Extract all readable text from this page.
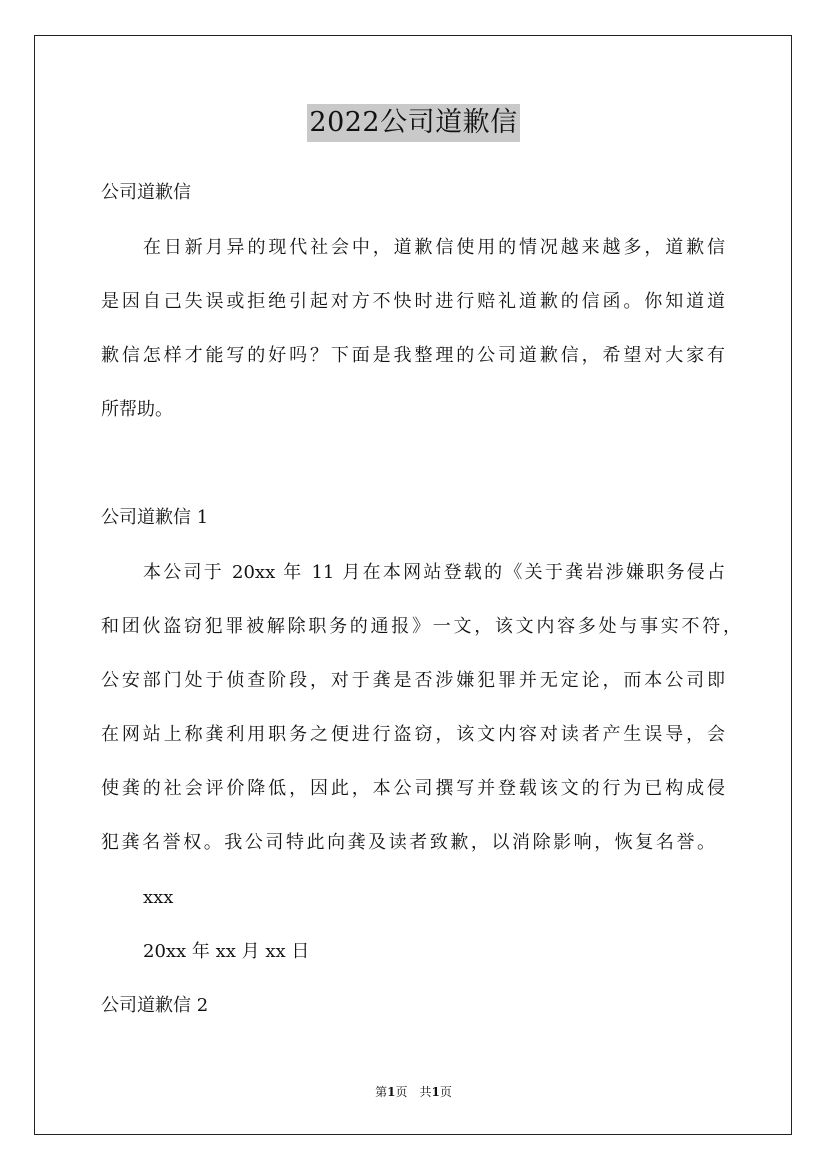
2022公司道歉信
公司道歉信
在日新月异的现代社会中，道歉信使用的情况越来越多，道歉信
是因自己失误或拒绝引起对方不快时进行赔礼道歉的信函。你知道道
歉信怎样才能写的好吗？下面是我整理的公司道歉信，希望对大家有
所帮助。
公司道歉信 1
本公司于 20xx 年 11 月在本网站登载的《关于龚岩涉嫌职务侵占
和团伙盗窃犯罪被解除职务的通报》一文，该文内容多处与事实不符，
公安部门处于侦查阶段，对于龚是否涉嫌犯罪并无定论，而本公司即
在网站上称龚利用职务之便进行盗窃，该文内容对读者产生误导，会
使龚的社会评价降低，因此，本公司撰写并登载该文的行为已构成侵
犯龚名誉权。我公司特此向龚及读者致歉，以消除影响，恢复名誉。
xxx
20xx 年 xx 月 xx 日
公司道歉信 2
第1页　共1页
